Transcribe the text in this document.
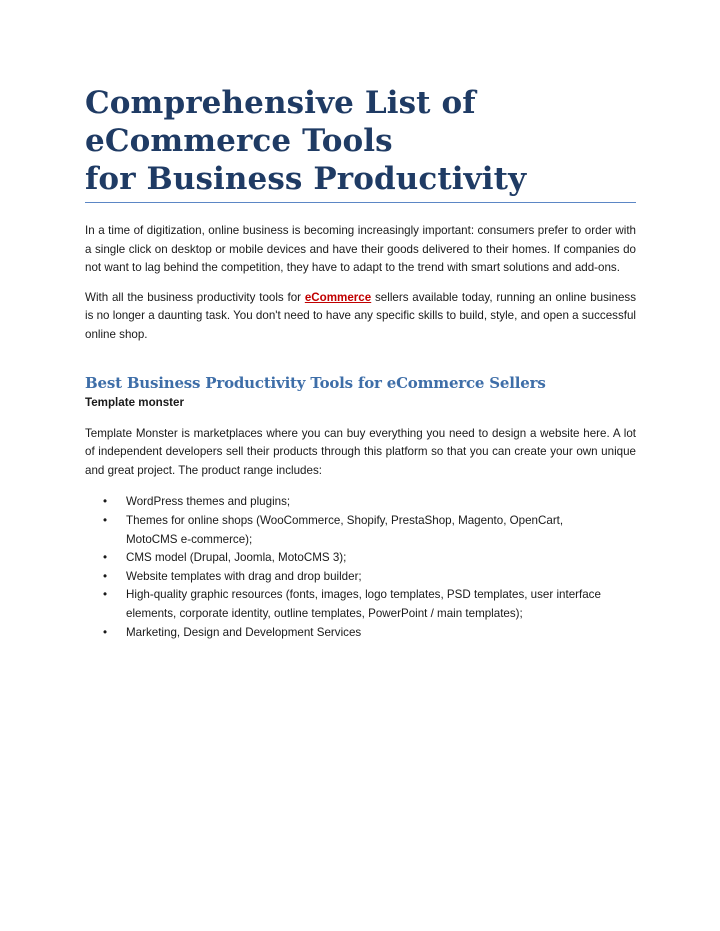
Comprehensive List of eCommerce Tools
for Business Productivity

In a time of digitization, online business is becoming increasingly important: consumers prefer to order with a single click on desktop or mobile devices and have their goods delivered to their homes. If companies do not want to lag behind the competition, they have to adapt to the trend with smart solutions and add-ons.

With all the business productivity tools for eCommerce sellers available today, running an online business is no longer a daunting task. You don't need to have any specific skills to build, style, and open a successful online shop.

Best Business Productivity Tools for eCommerce Sellers
Template monster

Template Monster is marketplaces where you can buy everything you need to design a website here. A lot of independent developers sell their products through this platform so that you can create your own unique and great project. The product range includes:

• WordPress themes and plugins;
• Themes for online shops (WooCommerce, Shopify, PrestaShop, Magento, OpenCart, MotoCMS e-commerce);
• CMS model (Drupal, Joomla, MotoCMS 3);
• Website templates with drag and drop builder;
• High-quality graphic resources (fonts, images, logo templates, PSD templates, user interface elements, corporate identity, outline templates, PowerPoint / main templates);
• Marketing, Design and Development Services
